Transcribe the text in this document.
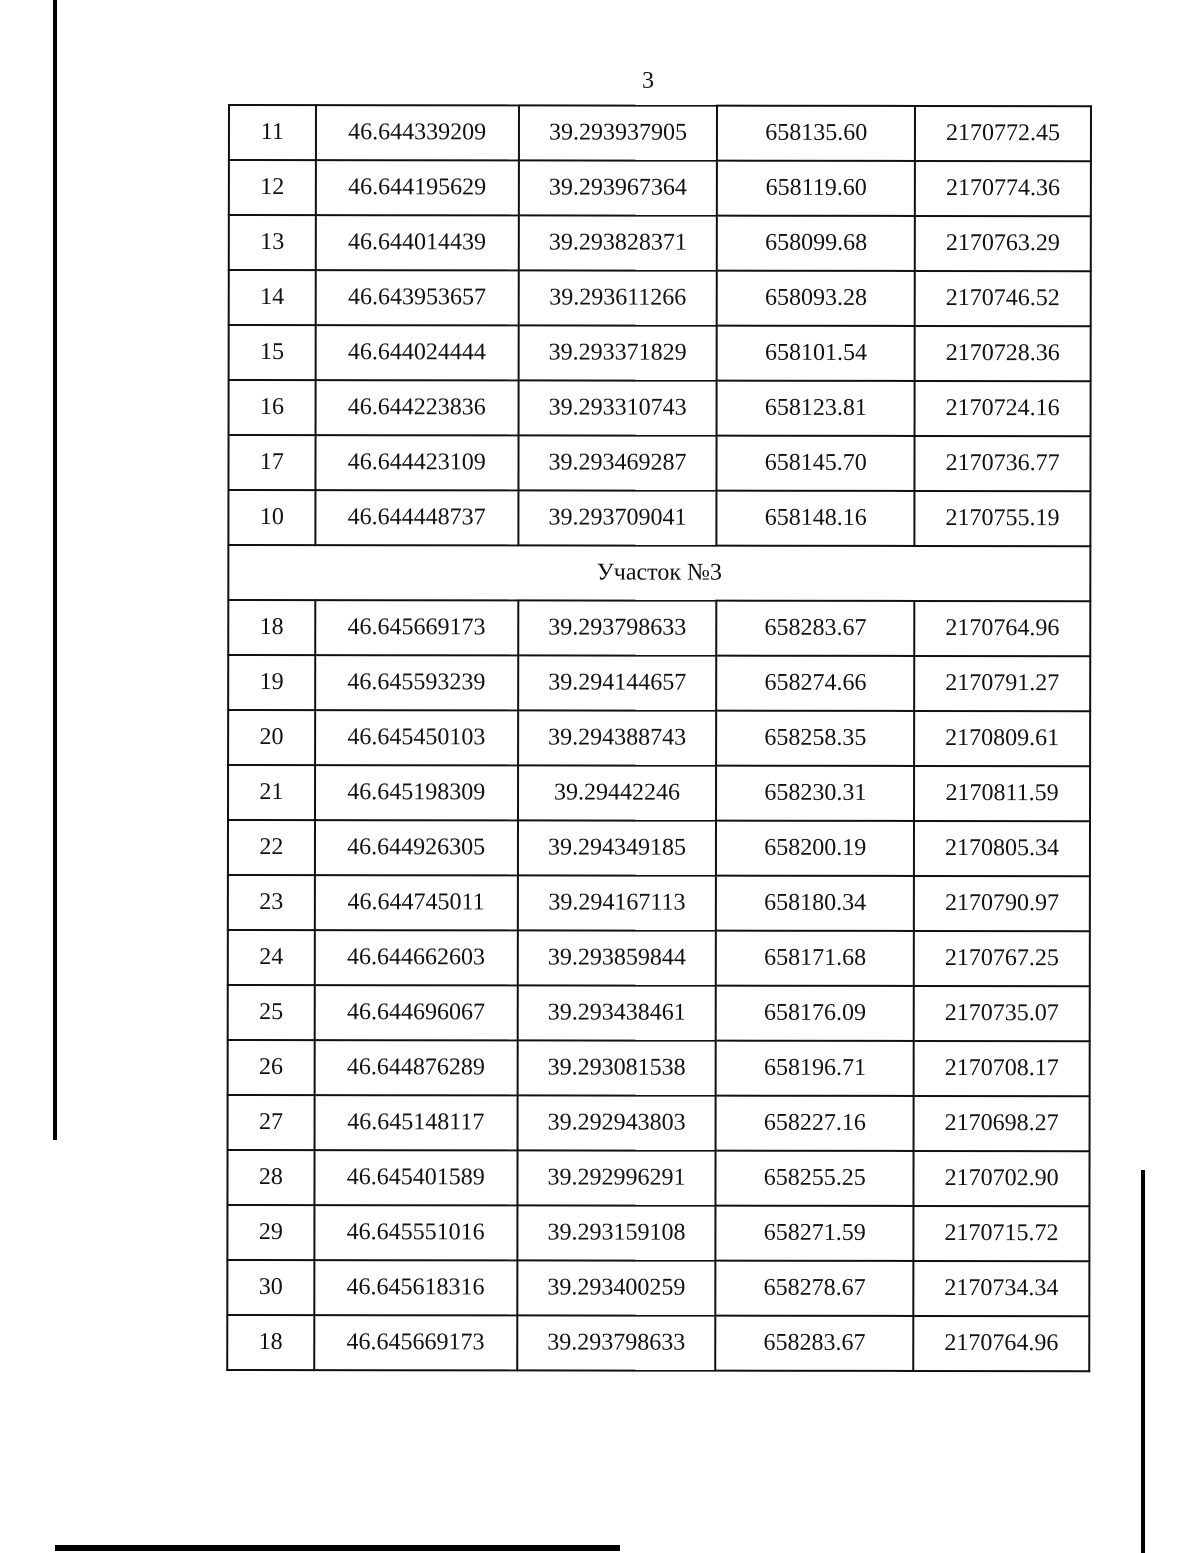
3
11	46.644339209	39.293937905	658135.60	2170772.45
12	46.644195629	39.293967364	658119.60	2170774.36
13	46.644014439	39.293828371	658099.68	2170763.29
14	46.643953657	39.293611266	658093.28	2170746.52
15	46.644024444	39.293371829	658101.54	2170728.36
16	46.644223836	39.293310743	658123.81	2170724.16
17	46.644423109	39.293469287	658145.70	2170736.77
10	46.644448737	39.293709041	658148.16	2170755.19
Участок №3				
18	46.645669173	39.293798633	658283.67	2170764.96
19	46.645593239	39.294144657	658274.66	2170791.27
20	46.645450103	39.294388743	658258.35	2170809.61
21	46.645198309	39.29442246	658230.31	2170811.59
22	46.644926305	39.294349185	658200.19	2170805.34
23	46.644745011	39.294167113	658180.34	2170790.97
24	46.644662603	39.293859844	658171.68	2170767.25
25	46.644696067	39.293438461	658176.09	2170735.07
26	46.644876289	39.293081538	658196.71	2170708.17
27	46.645148117	39.292943803	658227.16	2170698.27
28	46.645401589	39.292996291	658255.25	2170702.90
29	46.645551016	39.293159108	658271.59	2170715.72
30	46.645618316	39.293400259	658278.67	2170734.34
18	46.645669173	39.293798633	658283.67	2170764.96
